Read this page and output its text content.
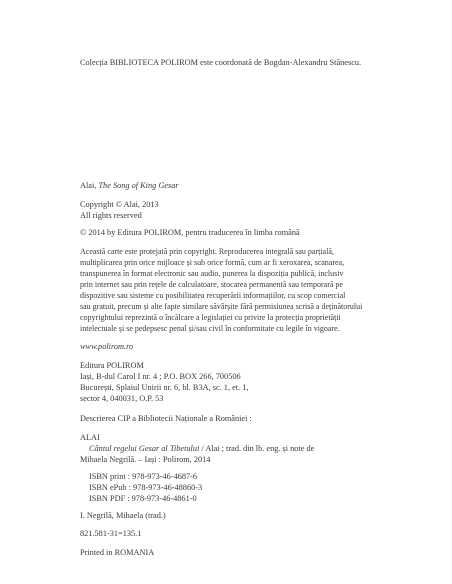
Colecția BIBLIOTECA POLIROM este coordonată de Bogdan-Alexandru Stănescu.
Alai, The Song of King Gesar
Copyright © Alai, 2013
All rights reserved
© 2014 by Editura POLIROM, pentru traducerea în limba română
Această carte este protejată prin copyright. Reproducerea integrală sau parțială,
multiplicarea prin orice mijloace și sub orice formă, cum ar fi xeroxarea, scanarea,
transpunerea în format electronic sau audio, punerea la dispoziția publică, inclusiv
prin internet sau prin rețele de calculatoare, stocarea permanentă sau temporară pe
dispozitive sau sisteme cu posibilitatea recuperării informațiilor, cu scop comercial
sau gratuit, precum și alte fapte similare săvârșite fără permisiunea scrisă a deținătorului
copyrightului reprezintă o încălcare a legislației cu privire la protecția proprietății
intelectuale și se pedepsesc penal și/sau civil în conformitate cu legile în vigoare.
www.polirom.ro
Editura POLIROM
Iași, B-dul Carol I nr. 4 ; P.O. BOX 266, 700506
București, Splaiul Unirii nr. 6, bl. B3A, sc. 1, et. 1,
sector 4, 040031, O.P. 53
Descrierea CIP a Bibliotecii Naționale a României :
ALAI
Cântul regelui Gesar al Tibetului / Alai ; trad. din lb. eng. și note de
Mihaela Negrilă. – Iași : Polirom, 2014
ISBN print : 978-973-46-4687-6
ISBN ePub : 978-973-46-48860-3
ISBN PDF : 978-973-46-4861-0
I. Negrilă, Mihaela (trad.)
821.581-31=135.1
Printed in ROMANIA
